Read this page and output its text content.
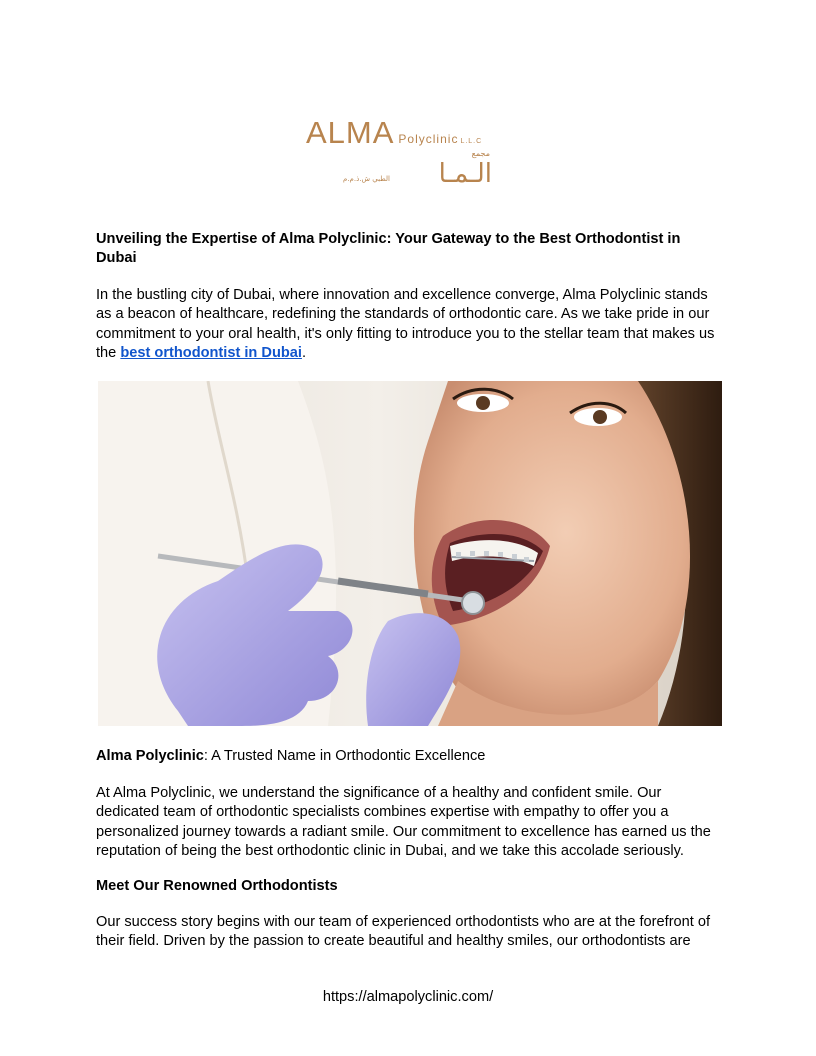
ALMA Polyclinic L.L.C
مجمع
الـمـا
الطبي ش.ذ.م.م
Unveiling the Expertise of Alma Polyclinic: Your Gateway to the Best Orthodontist in Dubai
In the bustling city of Dubai, where innovation and excellence converge, Alma Polyclinic stands as a beacon of healthcare, redefining the standards of orthodontic care. As we take pride in our commitment to your oral health, it's only fitting to introduce you to the stellar team that makes us the best orthodontist in Dubai.
Alma Polyclinic: A Trusted Name in Orthodontic Excellence
At Alma Polyclinic, we understand the significance of a healthy and confident smile. Our dedicated team of orthodontic specialists combines expertise with empathy to offer you a personalized journey towards a radiant smile. Our commitment to excellence has earned us the reputation of being the best orthodontic clinic in Dubai, and we take this accolade seriously.
Meet Our Renowned Orthodontists
Our success story begins with our team of experienced orthodontists who are at the forefront of their field. Driven by the passion to create beautiful and healthy smiles, our orthodontists are
https://almapolyclinic.com/
